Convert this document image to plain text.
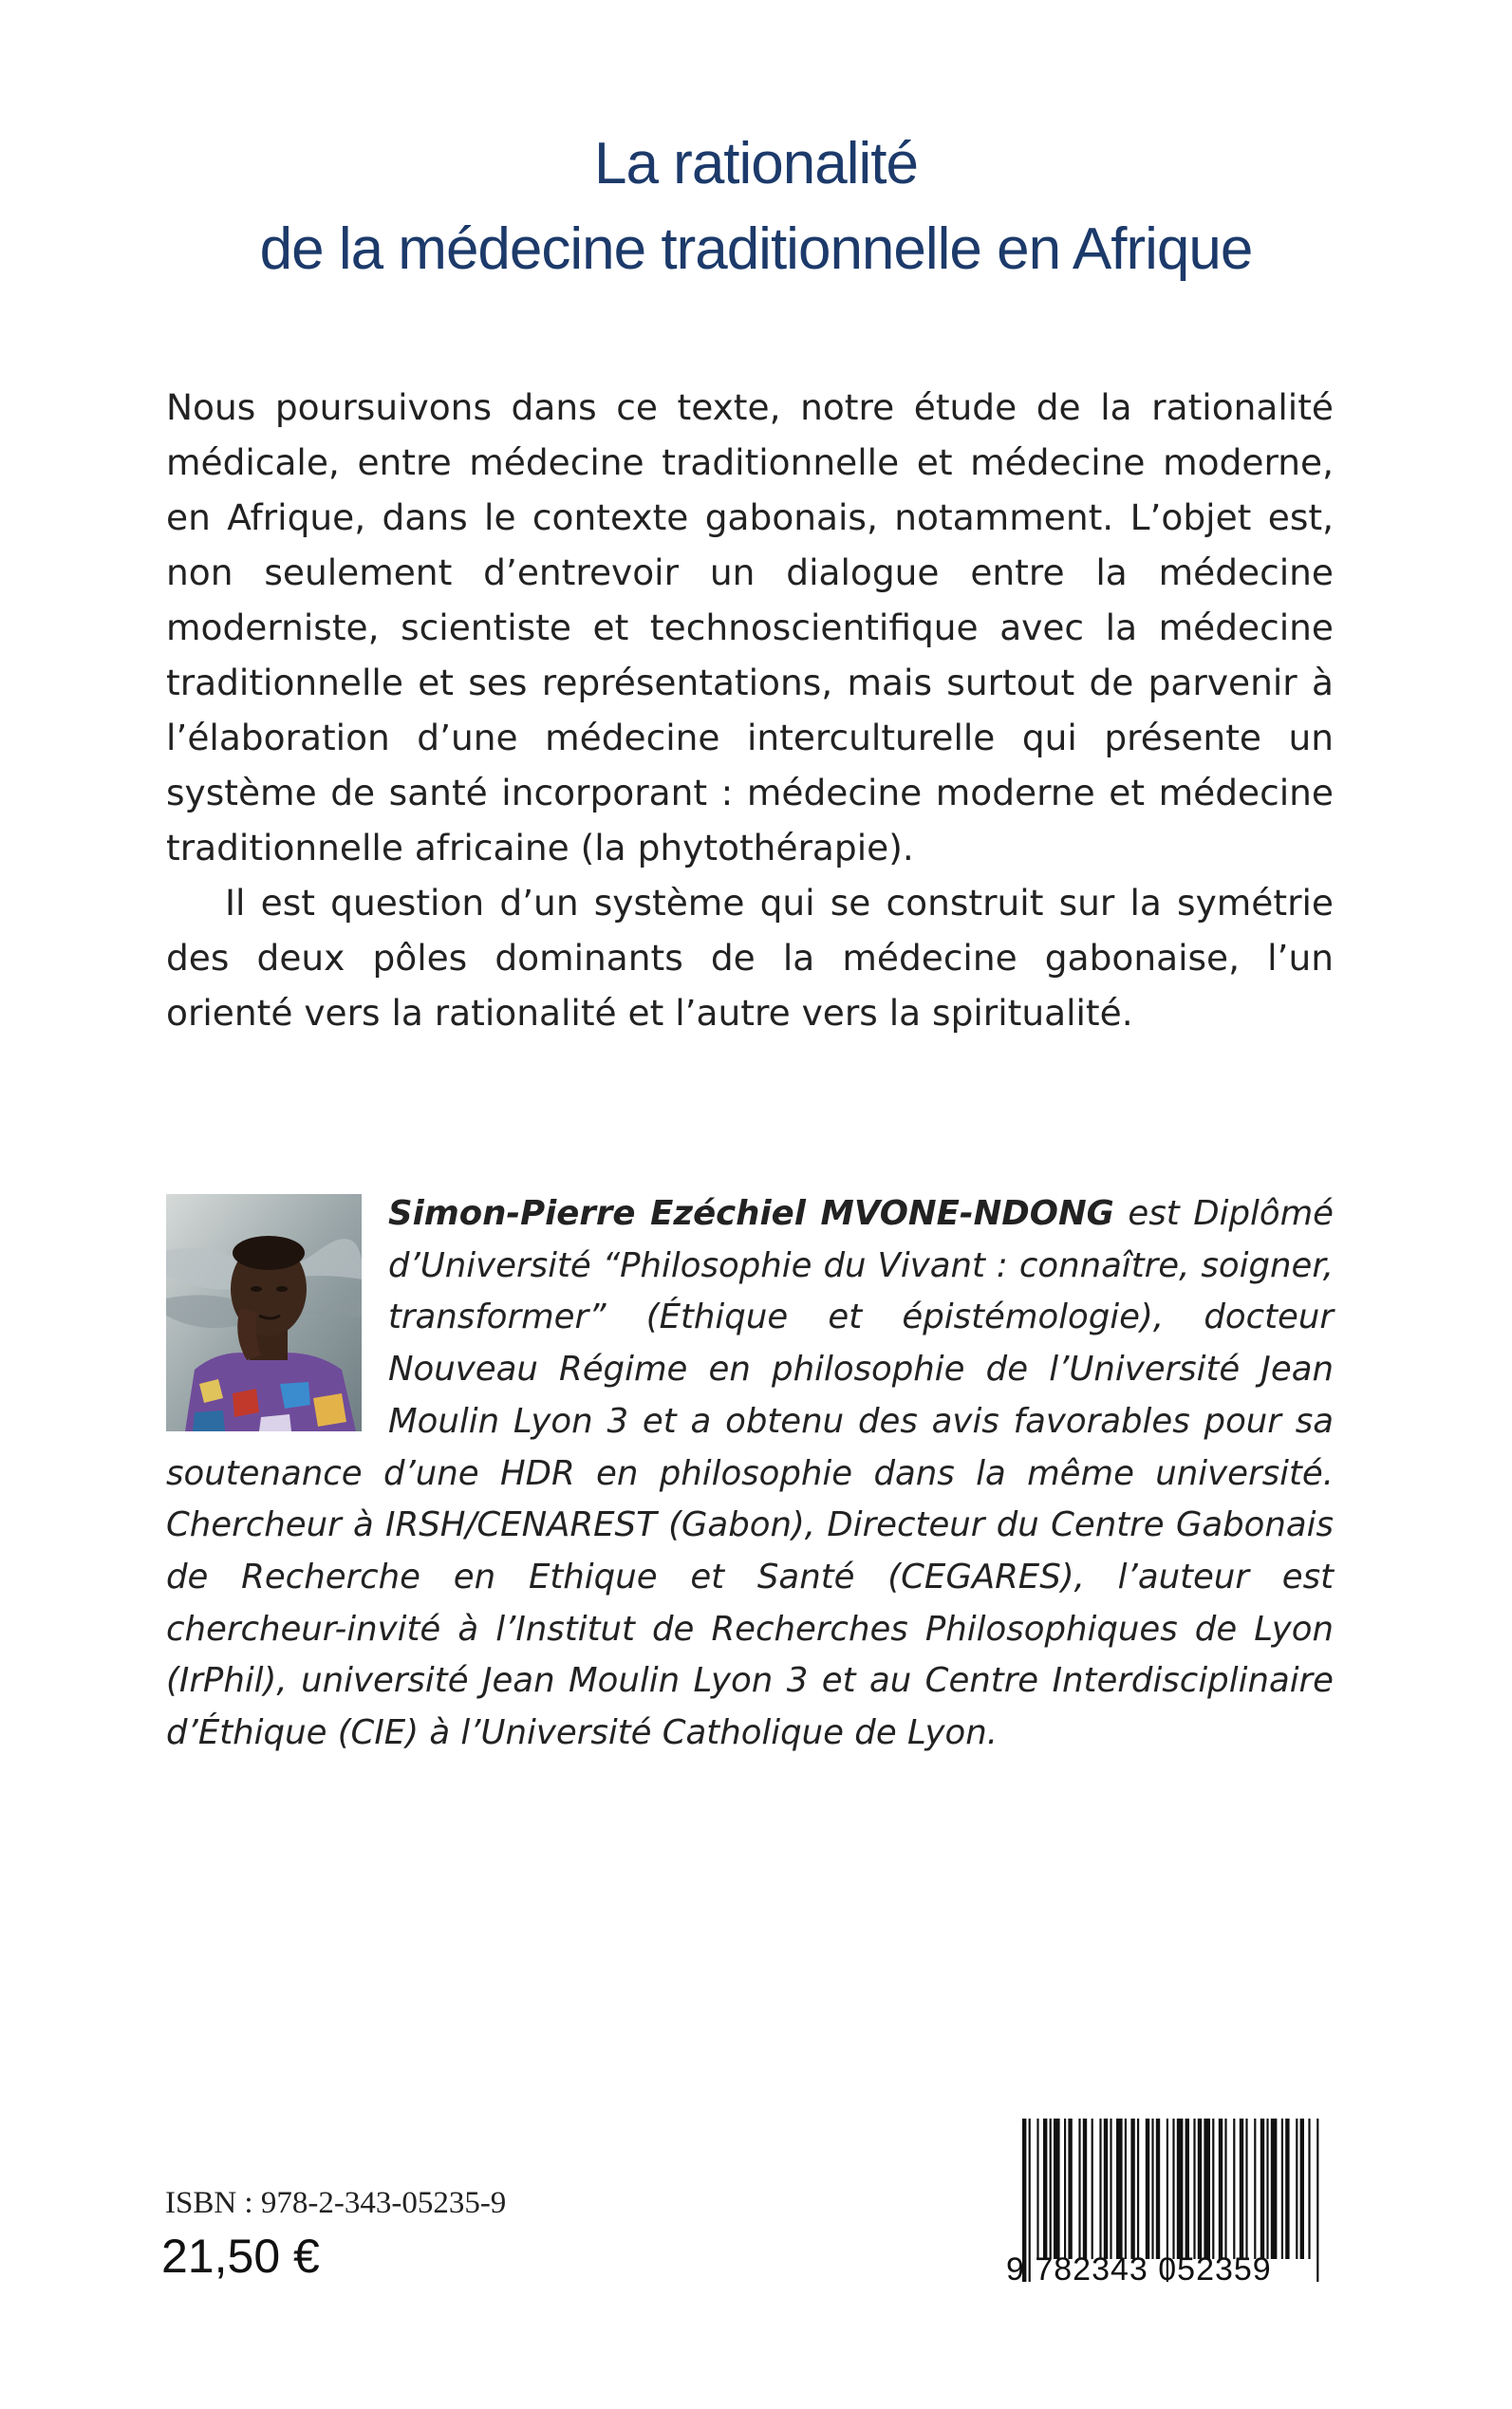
La rationalité
de la médecine traditionnelle en Afrique

Nous poursuivons dans ce texte, notre étude de la rationalité médicale, entre médecine traditionnelle et médecine moderne, en Afrique, dans le contexte gabonais, notamment. L’objet est, non seulement d’entrevoir un dialogue entre la médecine moderniste, scientiste et technoscientifique avec la médecine traditionnelle et ses représentations, mais surtout de parvenir à l’élaboration d’une médecine interculturelle qui présente un système de santé incorporant : médecine moderne et médecine traditionnelle africaine (la phytothérapie).

Il est question d’un système qui se construit sur la symétrie des deux pôles dominants de la médecine gabonaise, l’un orienté vers la rationalité et l’autre vers la spiritualité.

Simon-Pierre Ezéchiel MVONE-NDONG est Diplômé d’Université “Philosophie du Vivant : connaître, soigner, transformer” (Éthique et épistémologie), docteur Nouveau Régime en philosophie de l’Université Jean Moulin Lyon 3 et a obtenu des avis favorables pour sa soutenance d’une HDR en philosophie dans la même université. Chercheur à IRSH/CENAREST (Gabon), Directeur du Centre Gabonais de Recherche en Ethique et Santé (CEGARES), l’auteur est chercheur-invité à l’Institut de Recherches Philosophiques de Lyon (IrPhil), université Jean Moulin Lyon 3 et au Centre Interdisciplinaire d’Éthique (CIE) à l’Université Catholique de Lyon.
ISBN : 978-2-343-05235-9
21,50 €	9 782343 052359
